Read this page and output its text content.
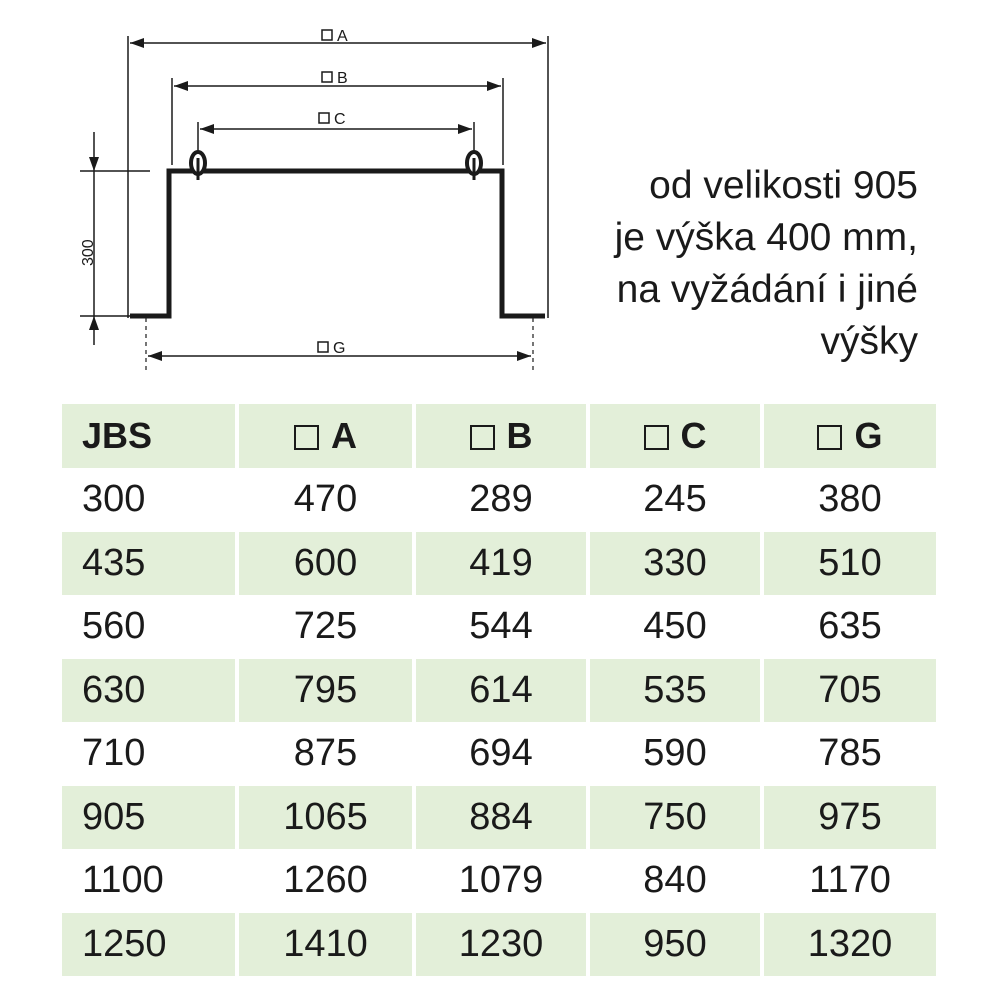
A
B
C
G
300
od velikosti 905
je výška 400 mm,
na vyžádání i jiné
výšky
JBS	A	B	C	G
300	470	289	245	380
435	600	419	330	510
560	725	544	450	635
630	795	614	535	705
710	875	694	590	785
905	1065	884	750	975
1100	1260	1079	840	1170
1250	1410	1230	950	1320
